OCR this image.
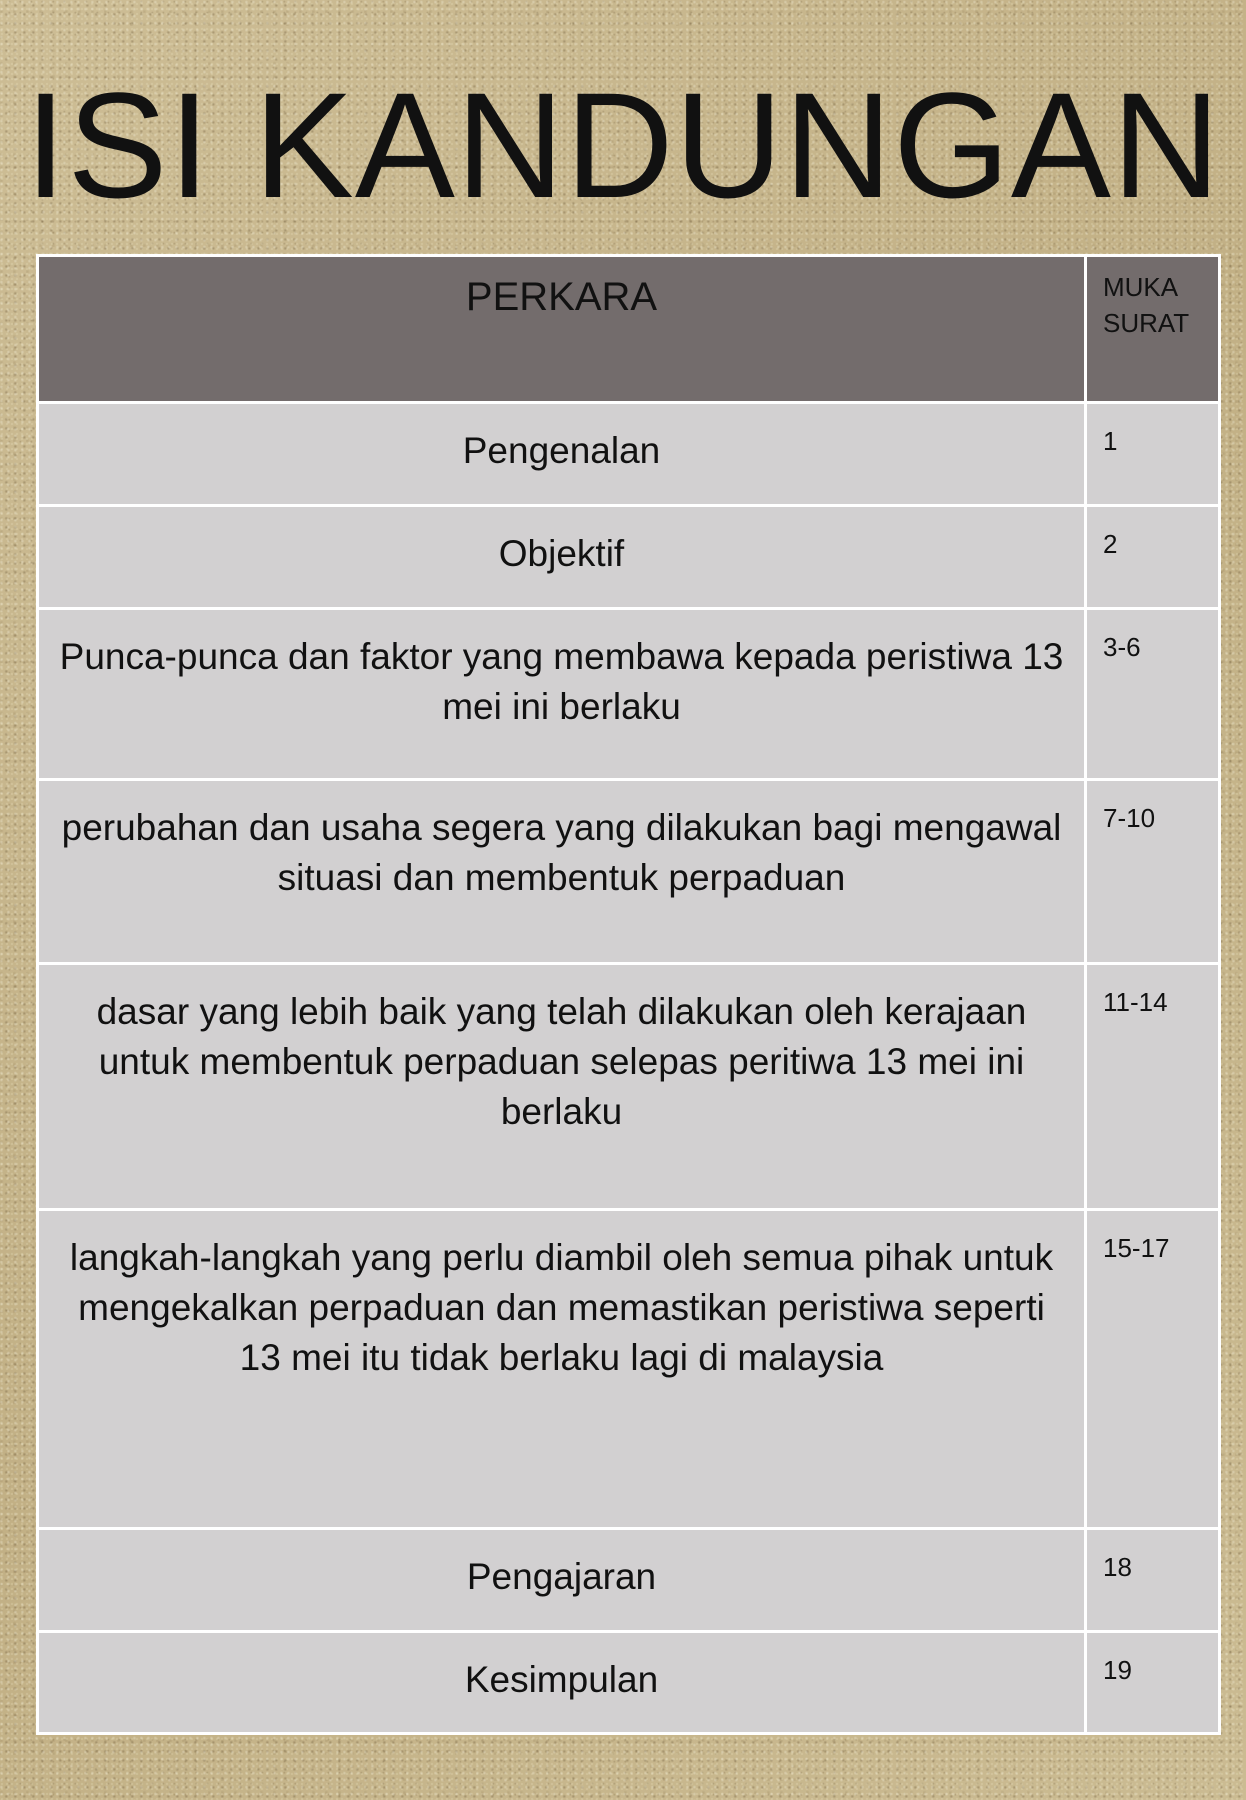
ISI KANDUNGAN
PERKARA	MUKA
SURAT

Pengenalan	1

Objektif	2

Punca-punca dan faktor yang membawa kepada peristiwa 13 mei ini berlaku	3-6

perubahan dan usaha segera yang dilakukan bagi mengawal situasi dan membentuk perpaduan	7-10

dasar yang lebih baik yang telah dilakukan oleh kerajaan untuk membentuk perpaduan selepas peritiwa 13 mei ini berlaku	11-14

langkah-langkah yang perlu diambil oleh semua pihak untuk mengekalkan perpaduan dan memastikan peristiwa seperti 13 mei itu tidak berlaku lagi di malaysia	15-17

Pengajaran	18

Kesimpulan	19
